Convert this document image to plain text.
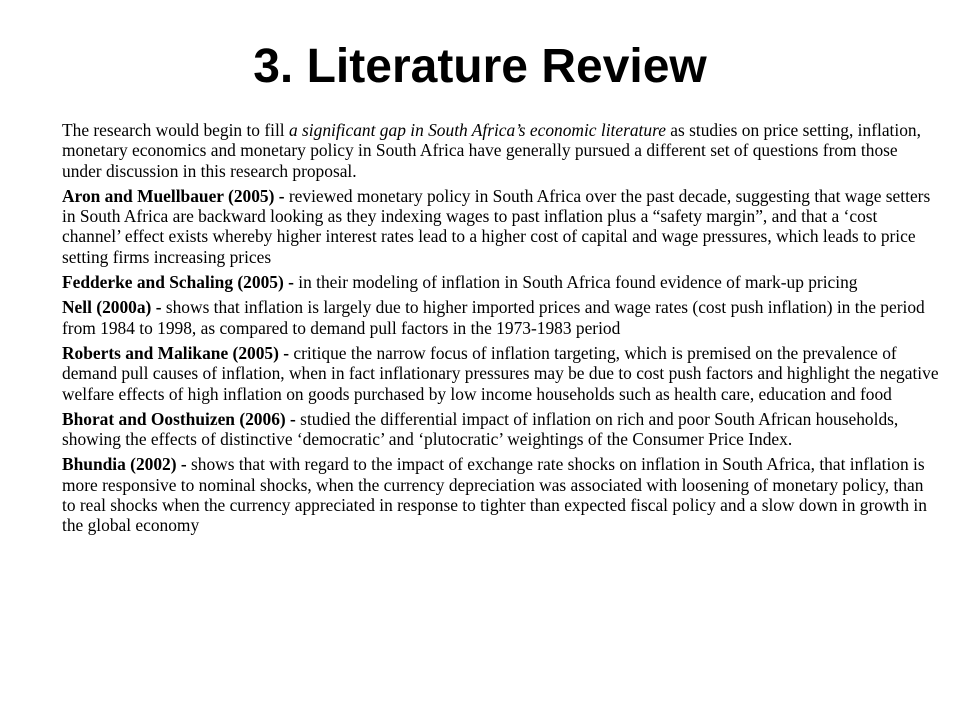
3. Literature Review

The research would begin to fill a significant gap in South Africa’s economic literature as studies on price setting, inflation, monetary economics and monetary policy in South Africa have generally pursued a different set of questions from those under discussion in this research proposal.

Aron and Muellbauer (2005) - reviewed monetary policy in South Africa over the past decade, suggesting that wage setters in South Africa are backward looking as they indexing wages to past inflation plus a “safety margin”, and that a ‘cost channel’ effect exists whereby higher interest rates lead to a higher cost of capital and wage pressures, which leads to price setting firms increasing prices

Fedderke and Schaling (2005) - in their modeling of inflation in South Africa found evidence of mark-up pricing

Nell (2000a) - shows that inflation is largely due to higher imported prices and wage rates (cost push inflation) in the period from 1984 to 1998, as compared to demand pull factors in the 1973-1983 period

Roberts and Malikane (2005) - critique the narrow focus of inflation targeting, which is premised on the prevalence of demand pull causes of inflation, when in fact inflationary pressures may be due to cost push factors and highlight the negative welfare effects of high inflation on goods purchased by low income households such as health care, education and food

Bhorat and Oosthuizen (2006) - studied the differential impact of inflation on rich and poor South African households, showing the effects of distinctive ‘democratic’ and ‘plutocratic’ weightings of the Consumer Price Index.

Bhundia (2002) - shows that with regard to the impact of exchange rate shocks on inflation in South Africa, that inflation is more responsive to nominal shocks, when the currency depreciation was associated with loosening of monetary policy, than to real shocks when the currency appreciated in response to tighter than expected fiscal policy and a slow down in growth in the global economy
